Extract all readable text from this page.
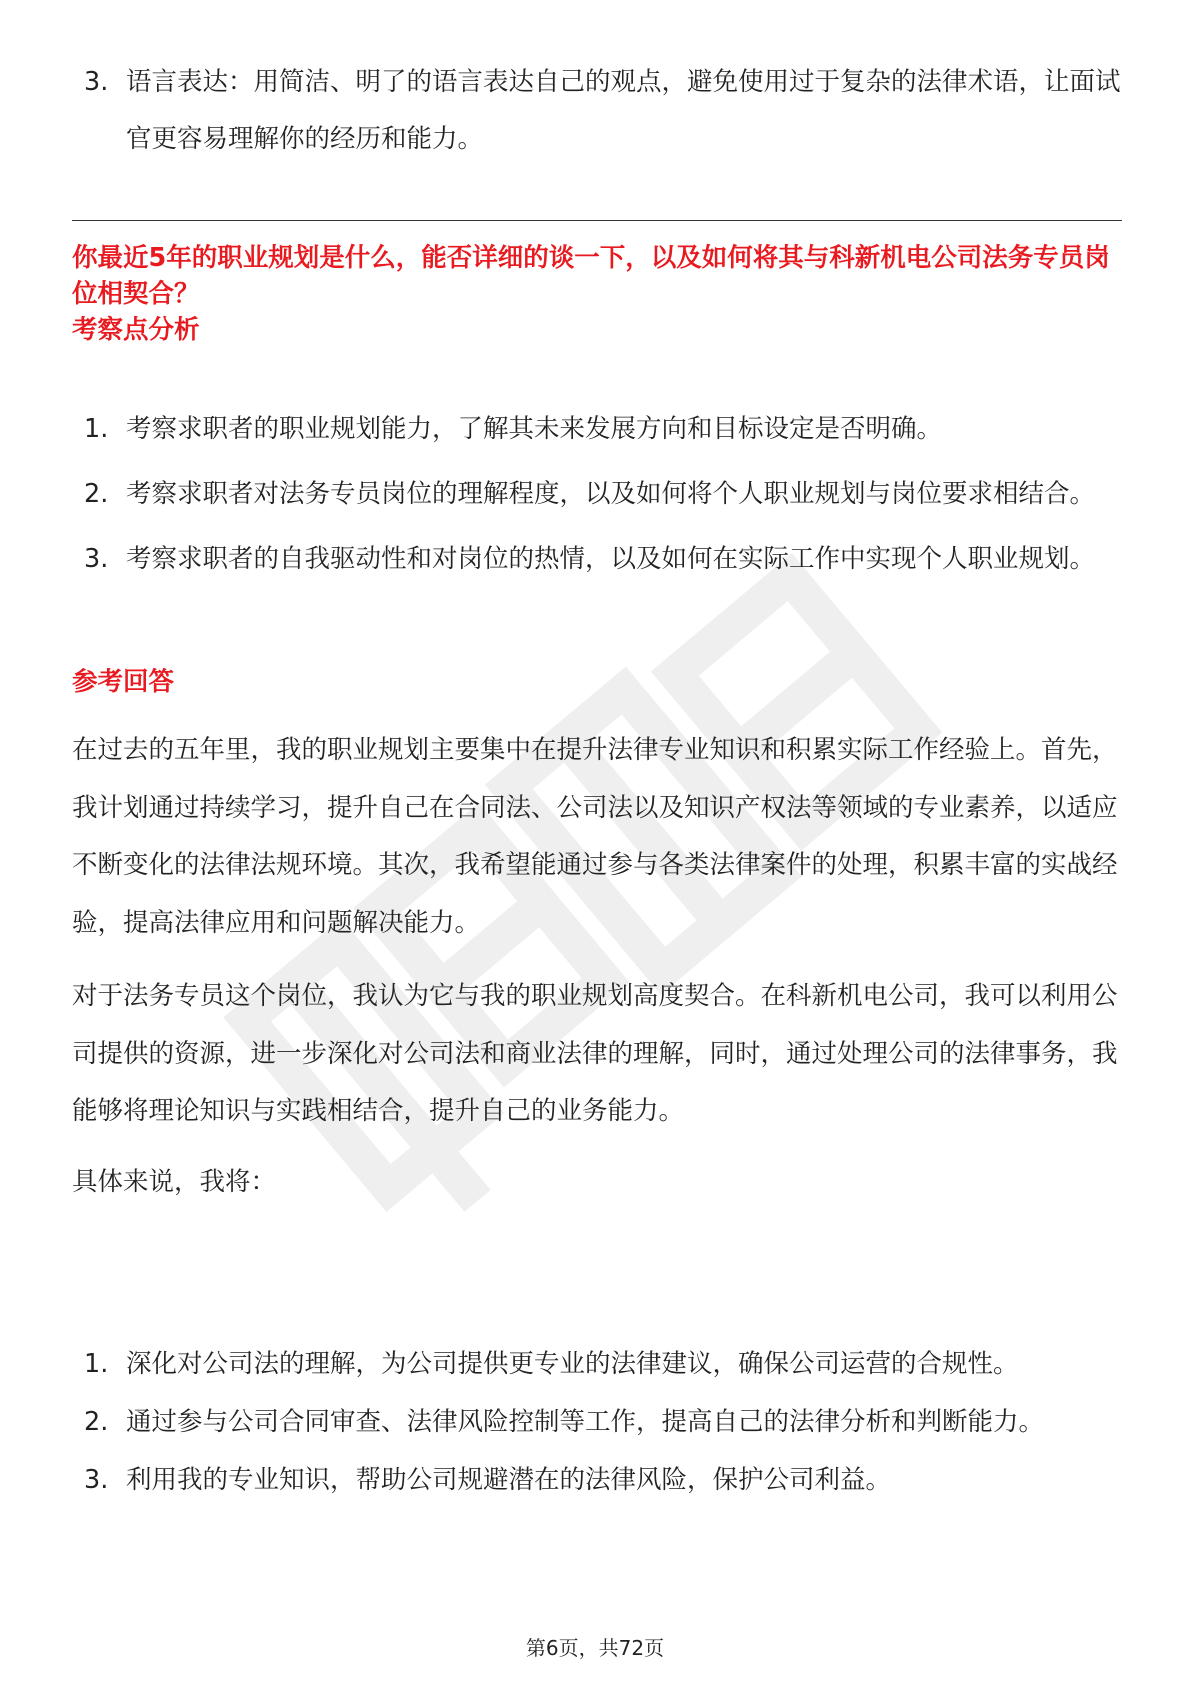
3. 语言表达：用简洁、明了的语言表达自己的观点，避免使用过于复杂的法律术语，让面试官更容易理解你的经历和能力。
你最近5年的职业规划是什么，能否详细的谈一下，以及如何将其与科新机电公司法务专员岗位相契合？
考察点分析
1. 考察求职者的职业规划能力，了解其未来发展方向和目标设定是否明确。
2. 考察求职者对法务专员岗位的理解程度，以及如何将个人职业规划与岗位要求相结合。
3. 考察求职者的自我驱动性和对岗位的热情，以及如何在实际工作中实现个人职业规划。
参考回答

在过去的五年里，我的职业规划主要集中在提升法律专业知识和积累实际工作经验上。首先，我计划通过持续学习，提升自己在合同法、公司法以及知识产权法等领域的专业素养，以适应不断变化的法律法规环境。其次，我希望能通过参与各类法律案件的处理，积累丰富的实战经验，提高法律应用和问题解决能力。

对于法务专员这个岗位，我认为它与我的职业规划高度契合。在科新机电公司，我可以利用公司提供的资源，进一步深化对公司法和商业法律的理解，同时，通过处理公司的法律事务，我能够将理论知识与实践相结合，提升自己的业务能力。

具体来说，我将：

1. 深化对公司法的理解，为公司提供更专业的法律建议，确保公司运营的合规性。
2. 通过参与公司合同审查、法律风险控制等工作，提高自己的法律分析和判断能力。
3. 利用我的专业知识，帮助公司规避潜在的法律风险，保护公司利益。
第6页，共72页
